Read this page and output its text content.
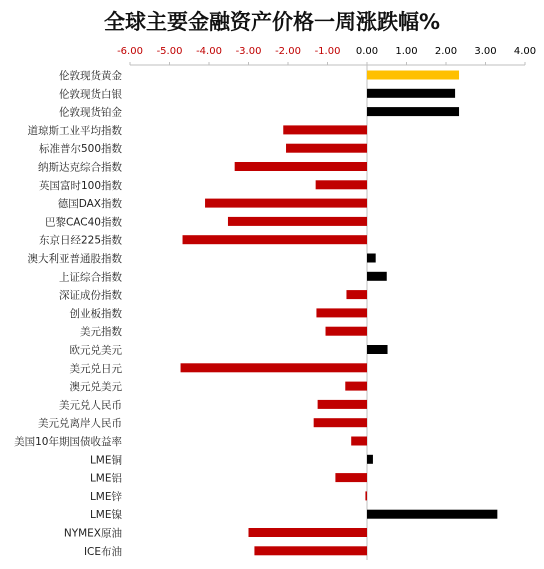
全球主要金融资产价格一周涨跌幅%
-6.00 -5.00 -4.00 -3.00 -2.00 -1.00 0.00 1.00 2.00 3.00 4.00
伦敦现货黄金
伦敦现货白银
伦敦现货铂金
道琼斯工业平均指数
标准普尔500指数
纳斯达克综合指数
英国富时100指数
德国DAX指数
巴黎CAC40指数
东京日经225指数
澳大利亚普通股指数
上证综合指数
深证成份指数
创业板指数
美元指数
欧元兑美元
美元兑日元
澳元兑美元
美元兑人民币
美元兑离岸人民币
美国10年期国债收益率
LME铜
LME铝
LME锌
LME镍
NYMEX原油
ICE布油
